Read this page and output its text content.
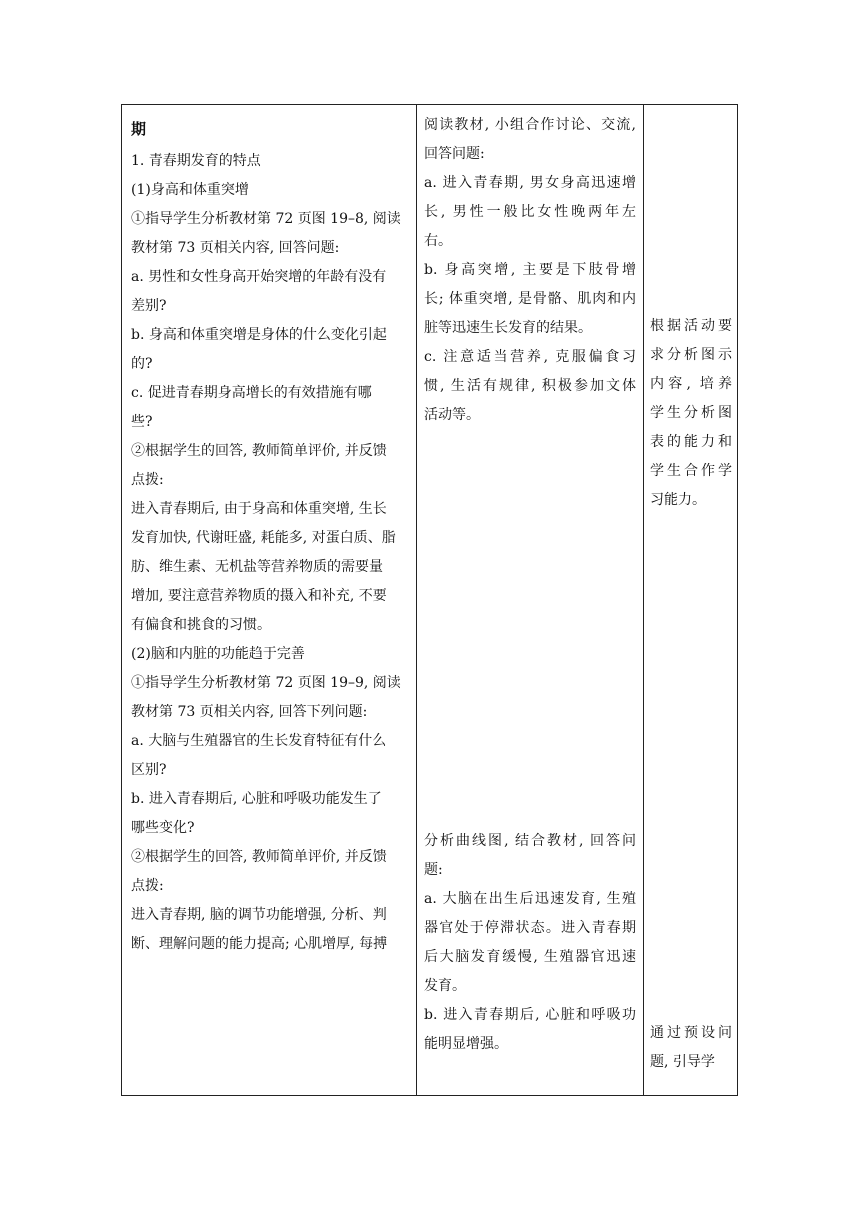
期
1. 青春期发育的特点
(1)身高和体重突增
①指导学生分析教材第 72 页图 19–8, 阅读
教材第 73 页相关内容, 回答问题:
a. 男性和女性身高开始突增的年龄有没有
差别?
b. 身高和体重突增是身体的什么变化引起
的?
c. 促进青春期身高增长的有效措施有哪
些?
②根据学生的回答, 教师简单评价, 并反馈
点拨:
进入青春期后, 由于身高和体重突增, 生长
发育加快, 代谢旺盛, 耗能多, 对蛋白质、脂
肪、维生素、无机盐等营养物质的需要量
增加, 要注意营养物质的摄入和补充, 不要
有偏食和挑食的习惯。
(2)脑和内脏的功能趋于完善
①指导学生分析教材第 72 页图 19–9, 阅读
教材第 73 页相关内容, 回答下列问题:
a. 大脑与生殖器官的生长发育特征有什么
区别?
b. 进入青春期后, 心脏和呼吸功能发生了
哪些变化?
②根据学生的回答, 教师简单评价, 并反馈
点拨:
进入青春期, 脑的调节功能增强, 分析、判
断、理解问题的能力提高; 心肌增厚, 每搏
阅读教材, 小组合作讨论、交流,
回答问题:
a. 进入青春期, 男女身高迅速增
长, 男性一般比女性晚两年左
右。
b. 身高突增, 主要是下肢骨增
长; 体重突增, 是骨骼、肌肉和内
脏等迅速生长发育的结果。
c. 注意适当营养, 克服偏食习
惯, 生活有规律, 积极参加文体
活动等。
分析曲线图, 结合教材, 回答问
题:
a. 大脑在出生后迅速发育, 生殖
器官处于停滞状态。进入青春期
后大脑发育缓慢, 生殖器官迅速
发育。
b. 进入青春期后, 心脏和呼吸功
能明显增强。
根据活动要
求分析图示
内容, 培养
学生分析图
表的能力和
学生合作学
习能力。
通过预设问
题, 引导学
